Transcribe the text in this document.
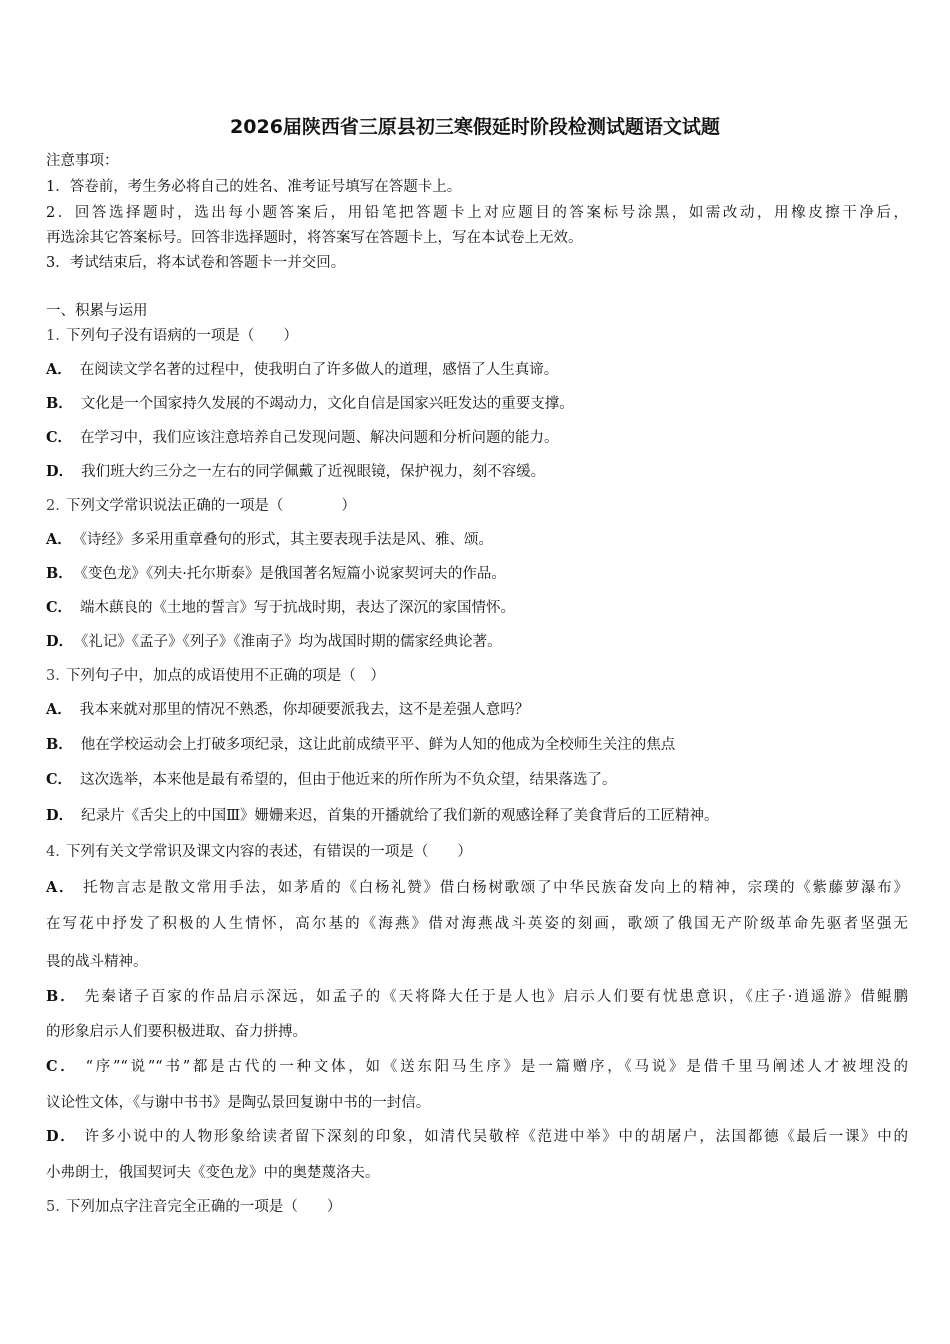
2026届陕西省三原县初三寒假延时阶段检测试题语文试题
注意事项：
1．答卷前，考生务必将自己的姓名、准考证号填写在答题卡上。
2．回答选择题时，选出每小题答案后，用铅笔把答题卡上对应题目的答案标号涂黑，如需改动，用橡皮擦干净后，
再选涂其它答案标号。回答非选择题时，将答案写在答题卡上，写在本试卷上无效。
3．考试结束后，将本试卷和答题卡一并交回。
一、积累与运用
1. 下列句子没有语病的一项是（　　）
A． 在阅读文学名著的过程中，使我明白了许多做人的道理，感悟了人生真谛。
B． 文化是一个国家持久发展的不竭动力，文化自信是国家兴旺发达的重要支撑。
C． 在学习中，我们应该注意培养自己发现问题、解决问题和分析问题的能力。
D． 我们班大约三分之一左右的同学佩戴了近视眼镜，保护视力，刻不容缓。
2. 下列文学常识说法正确的一项是（　　　　）
A． 《诗经》多采用重章叠句的形式，其主要表现手法是风、雅、颂。
B． 《变色龙》《列夫·托尔斯泰》是俄国著名短篇小说家契诃夫的作品。
C． 端木蕻良的《土地的誓言》写于抗战时期，表达了深沉的家国情怀。
D． 《礼记》《孟子》《列子》《淮南子》均为战国时期的儒家经典论著。
3. 下列句子中，加点的成语使用不正确的项是（　）
A． 我本来就对那里的情况不熟悉，你却硬要派我去，这不是差强人意吗？
B． 他在学校运动会上打破多项纪录，这让此前成绩平平、鲜为人知的他成为全校师生关注的焦点
C． 这次选举，本来他是最有希望的，但由于他近来的所作所为不负众望，结果落选了。
D． 纪录片《舌尖上的中国Ⅲ》姗姗来迟，首集的开播就给了我们新的观感诠释了美食背后的工匠精神。
4. 下列有关文学常识及课文内容的表述，有错误的一项是（　　）
A． 托物言志是散文常用手法，如茅盾的《白杨礼赞》借白杨树歌颂了中华民族奋发向上的精神，宗璞的《紫藤萝瀑布》
在写花中抒发了积极的人生情怀，高尔基的《海燕》借对海燕战斗英姿的刻画，歌颂了俄国无产阶级革命先驱者坚强无
畏的战斗精神。
B． 先秦诸子百家的作品启示深远，如孟子的《天将降大任于是人也》启示人们要有忧患意识，《庄子·逍遥游》借鲲鹏
的形象启示人们要积极进取、奋力拼搏。
C． “序”“说”“书”都是古代的一种文体，如《送东阳马生序》是一篇赠序，《马说》是借千里马阐述人才被埋没的
议论性文体，《与谢中书书》是陶弘景回复谢中书的一封信。
D． 许多小说中的人物形象给读者留下深刻的印象，如清代吴敬梓《范进中举》中的胡屠户，法国都德《最后一课》中的
小弗朗士，俄国契诃夫《变色龙》中的奥楚蔑洛夫。
5. 下列加点字注音完全正确的一项是（　　）
